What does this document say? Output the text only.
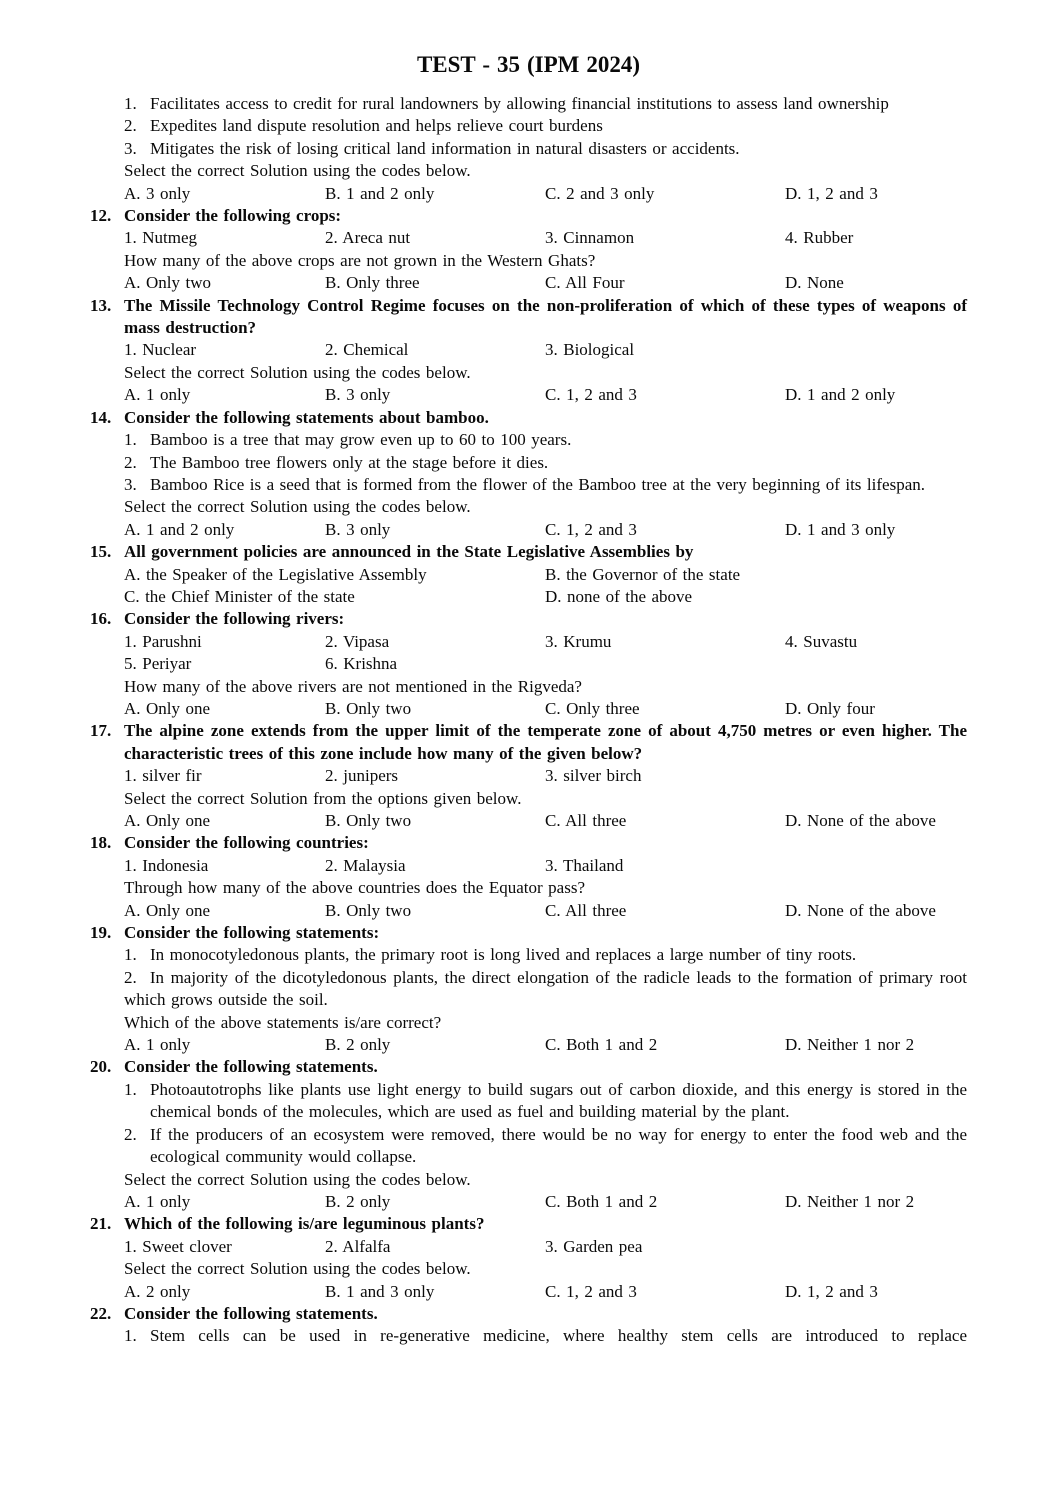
TEST - 35 (IPM 2024)
1. Facilitates access to credit for rural landowners by allowing financial institutions to assess land ownership
2. Expedites land dispute resolution and helps relieve court burdens
3. Mitigates the risk of losing critical land information in natural disasters or accidents.
Select the correct Solution using the codes below.
A. 3 only	B. 1 and 2 only	C. 2 and 3 only	D. 1, 2 and 3
12. Consider the following crops:
1. Nutmeg	2. Areca nut	3. Cinnamon	4. Rubber
How many of the above crops are not grown in the Western Ghats?
A. Only two	B. Only three	C. All Four	D. None
13. The Missile Technology Control Regime focuses on the non-proliferation of which of these types of weapons of mass destruction?
1. Nuclear	2. Chemical	3. Biological
Select the correct Solution using the codes below.
A. 1 only	B. 3 only	C. 1, 2 and 3	D. 1 and 2 only
14. Consider the following statements about bamboo.
1. Bamboo is a tree that may grow even up to 60 to 100 years.
2. The Bamboo tree flowers only at the stage before it dies.
3. Bamboo Rice is a seed that is formed from the flower of the Bamboo tree at the very beginning of its lifespan.
Select the correct Solution using the codes below.
A. 1 and 2 only	B. 3 only	C. 1, 2 and 3	D. 1 and 3 only
15. All government policies are announced in the State Legislative Assemblies by
A. the Speaker of the Legislative Assembly	B. the Governor of the state
C. the Chief Minister of the state	D. none of the above
16. Consider the following rivers:
1. Parushni	2. Vipasa	3. Krumu	4. Suvastu
5. Periyar	6. Krishna
How many of the above rivers are not mentioned in the Rigveda?
A. Only one	B. Only two	C. Only three	D. Only four
17. The alpine zone extends from the upper limit of the temperate zone of about 4,750 metres or even higher. The characteristic trees of this zone include how many of the given below?
1. silver fir	2. junipers	3. silver birch
Select the correct Solution from the options given below.
A. Only one	B. Only two	C. All three	D. None of the above
18. Consider the following countries:
1. Indonesia	2. Malaysia	3. Thailand
Through how many of the above countries does the Equator pass?
A. Only one	B. Only two	C. All three	D. None of the above
19. Consider the following statements:
1. In monocotyledonous plants, the primary root is long lived and replaces a large number of tiny roots.
2.  In majority of the dicotyledonous plants, the direct elongation of the radicle leads to the formation of primary root which grows outside the soil.
Which of the above statements is/are correct?
A. 1 only	B. 2 only	C. Both 1 and 2	D. Neither 1 nor 2
20. Consider the following statements.
1. Photoautotrophs like plants use light energy to build sugars out of carbon dioxide, and this energy is stored in the chemical bonds of the molecules, which are used as fuel and building material by the plant.
2. If the producers of an ecosystem were removed, there would be no way for energy to enter the food web and the ecological community would collapse.
Select the correct Solution using the codes below.
A. 1 only	B. 2 only	C. Both 1 and 2	D. Neither 1 nor 2
21. Which of the following is/are leguminous plants?
1. Sweet clover	2. Alfalfa	3. Garden pea
Select the correct Solution using the codes below.
A. 2 only	B. 1 and 3 only	C. 1, 2 and 3	D. 1, 2 and 3
22. Consider the following statements.
1. Stem cells can be used in re-generative medicine, where healthy stem cells are introduced to replace
